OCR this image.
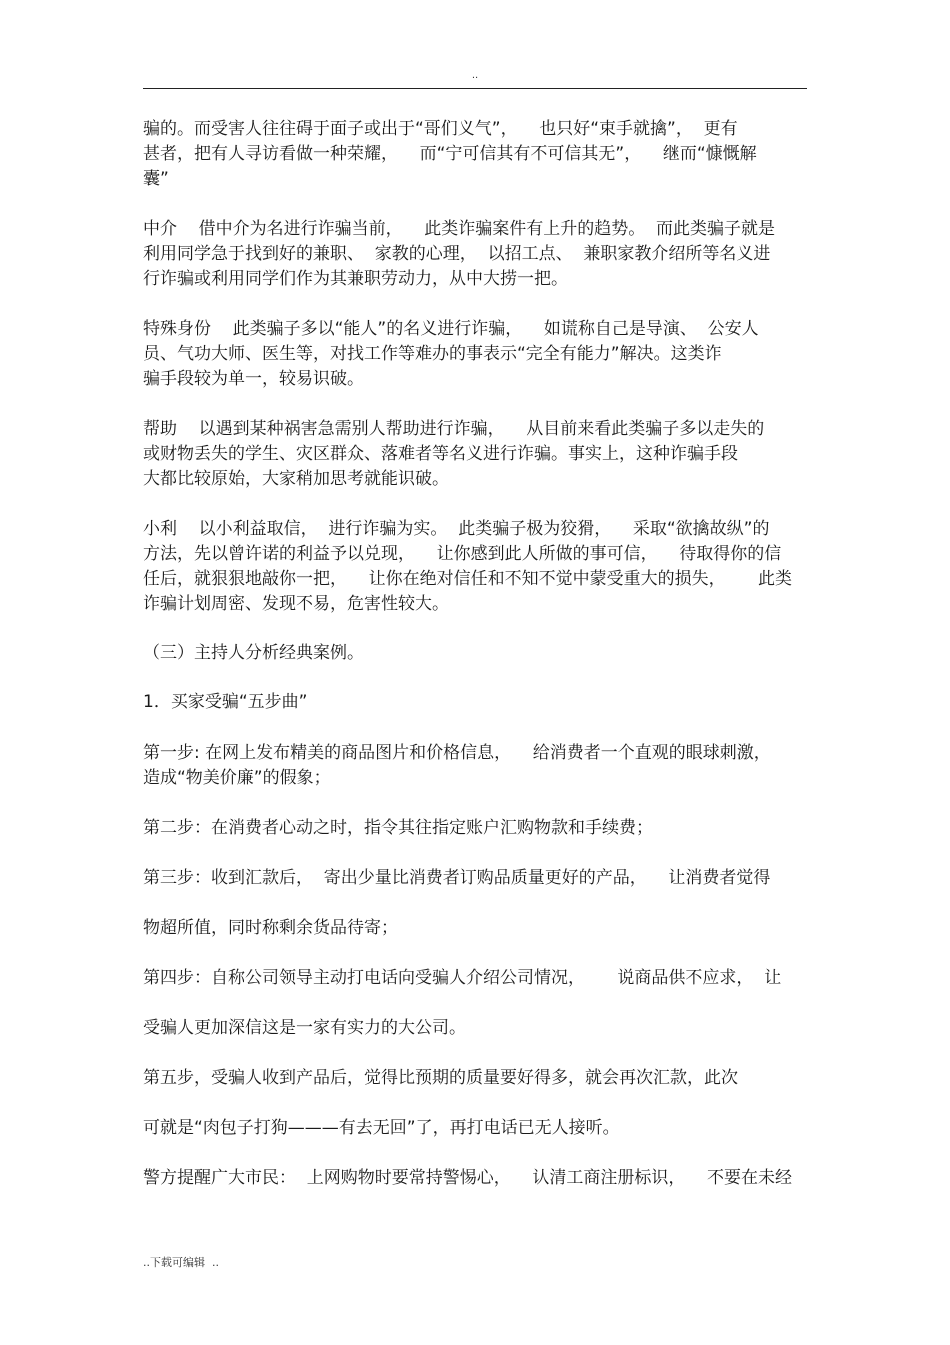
..
骗的。而受害人往往碍于面子或出于“哥们义气”，    也只好“束手就擒”，  更有
甚者，把有人寻访看做一种荣耀，    而“宁可信其有不可信其无”，    继而“慷慨解
囊”
中介    借中介为名进行诈骗当前，    此类诈骗案件有上升的趋势。  而此类骗子就是
利用同学急于找到好的兼职、  家教的心理，  以招工点、  兼职家教介绍所等名义进
行诈骗或利用同学们作为其兼职劳动力，从中大捞一把。
特殊身份    此类骗子多以“能人”的名义进行诈骗，    如谎称自己是导演、  公安人
员、气功大师、医生等，对找工作等难办的事表示“完全有能力”解决。这类诈
骗手段较为单一，较易识破。
帮助    以遇到某种祸害急需别人帮助进行诈骗，    从目前来看此类骗子多以走失的
或财物丢失的学生、灾区群众、落难者等名义进行诈骗。事实上，这种诈骗手段
大都比较原始，大家稍加思考就能识破。
小利    以小利益取信，  进行诈骗为实。  此类骗子极为狡猾，    采取“欲擒故纵”的
方法，先以曾许诺的利益予以兑现，    让你感到此人所做的事可信，    待取得你的信
任后，就狠狠地敲你一把，    让你在绝对信任和不知不觉中蒙受重大的损失，      此类
诈骗计划周密、发现不易，危害性较大。
（三）主持人分析经典案例。
1．买家受骗“五步曲”
第一步: 在网上发布精美的商品图片和价格信息，    给消费者一个直观的眼球刺激，
造成“物美价廉”的假象；
第二步：在消费者心动之时，指令其往指定账户汇购物款和手续费；
第三步：收到汇款后，  寄出少量比消费者订购品质量更好的产品，    让消费者觉得
物超所值，同时称剩余货品待寄；
第四步：自称公司领导主动打电话向受骗人介绍公司情况，      说商品供不应求，  让
受骗人更加深信这是一家有实力的大公司。
第五步，受骗人收到产品后，觉得比预期的质量要好得多，就会再次汇款，此次
可就是“肉包子打狗———有去无回”了，再打电话已无人接听。
警方提醒广大市民：  上网购物时要常持警惕心，    认清工商注册标识，    不要在未经
..下载可编辑  ..
